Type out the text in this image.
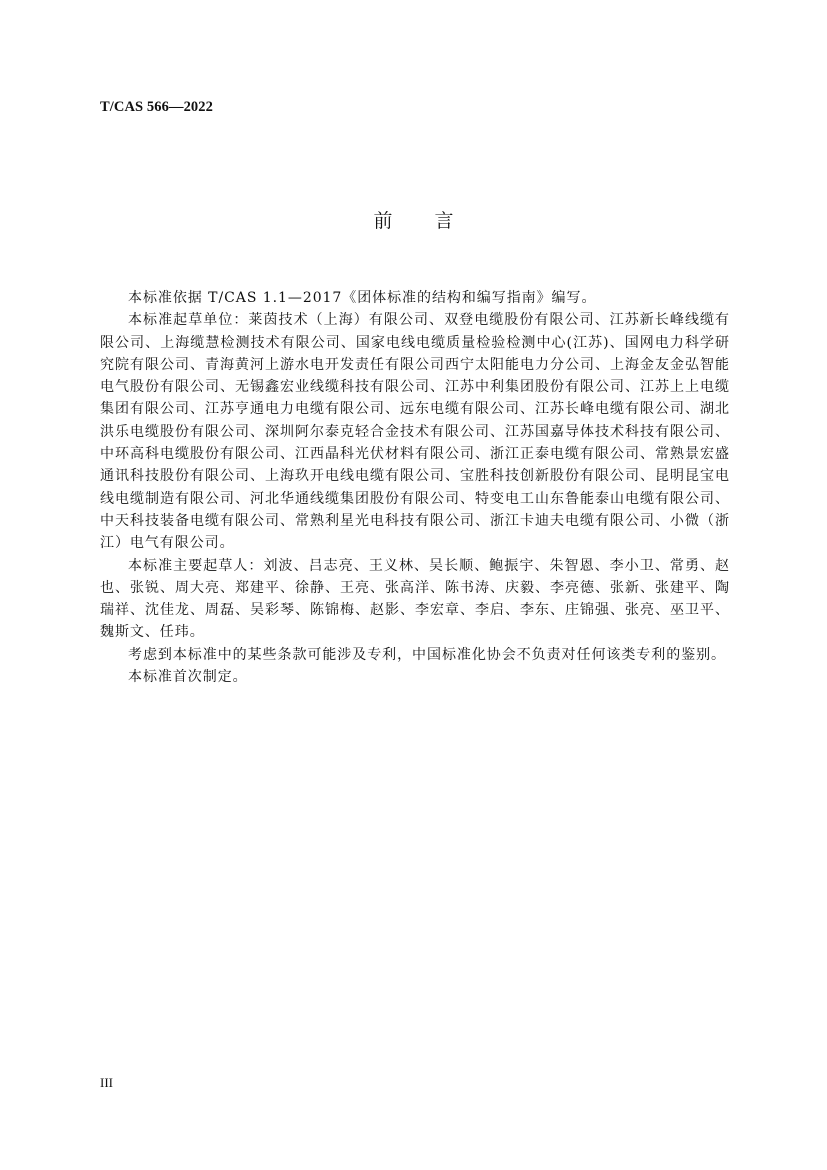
T/CAS 566—2022
前 言

本标准依据 T/CAS 1.1—2017《团体标准的结构和编写指南》编写。

本标准起草单位：莱茵技术（上海）有限公司、双登电缆股份有限公司、江苏新长峰线缆有限公司、上海缆慧检测技术有限公司、国家电线电缆质量检验检测中心(江苏)、国网电力科学研究院有限公司、青海黄河上游水电开发责任有限公司西宁太阳能电力分公司、上海金友金弘智能电气股份有限公司、无锡鑫宏业线缆科技有限公司、江苏中利集团股份有限公司、江苏上上电缆集团有限公司、江苏亨通电力电缆有限公司、远东电缆有限公司、江苏长峰电缆有限公司、湖北洪乐电缆股份有限公司、深圳阿尔泰克轻合金技术有限公司、江苏国嘉导体技术科技有限公司、中环高科电缆股份有限公司、江西晶科光伏材料有限公司、浙江正泰电缆有限公司、常熟景宏盛通讯科技股份有限公司、上海玖开电线电缆有限公司、宝胜科技创新股份有限公司、昆明昆宝电线电缆制造有限公司、河北华通线缆集团股份有限公司、特变电工山东鲁能泰山电缆有限公司、中天科技装备电缆有限公司、常熟利星光电科技有限公司、浙江卡迪夫电缆有限公司、小微（浙江）电气有限公司。

本标准主要起草人：刘波、吕志亮、王义林、吴长顺、鲍振宇、朱智恩、李小卫、常勇、赵也、张锐、周大亮、郑建平、徐静、王亮、张高洋、陈书涛、庆毅、李亮德、张新、张建平、陶瑞祥、沈佳龙、周磊、吴彩琴、陈锦梅、赵影、李宏章、李启、李东、庄锦强、张亮、巫卫平、魏斯文、任玮。

考虑到本标准中的某些条款可能涉及专利，中国标准化协会不负责对任何该类专利的鉴别。

本标准首次制定。

III
